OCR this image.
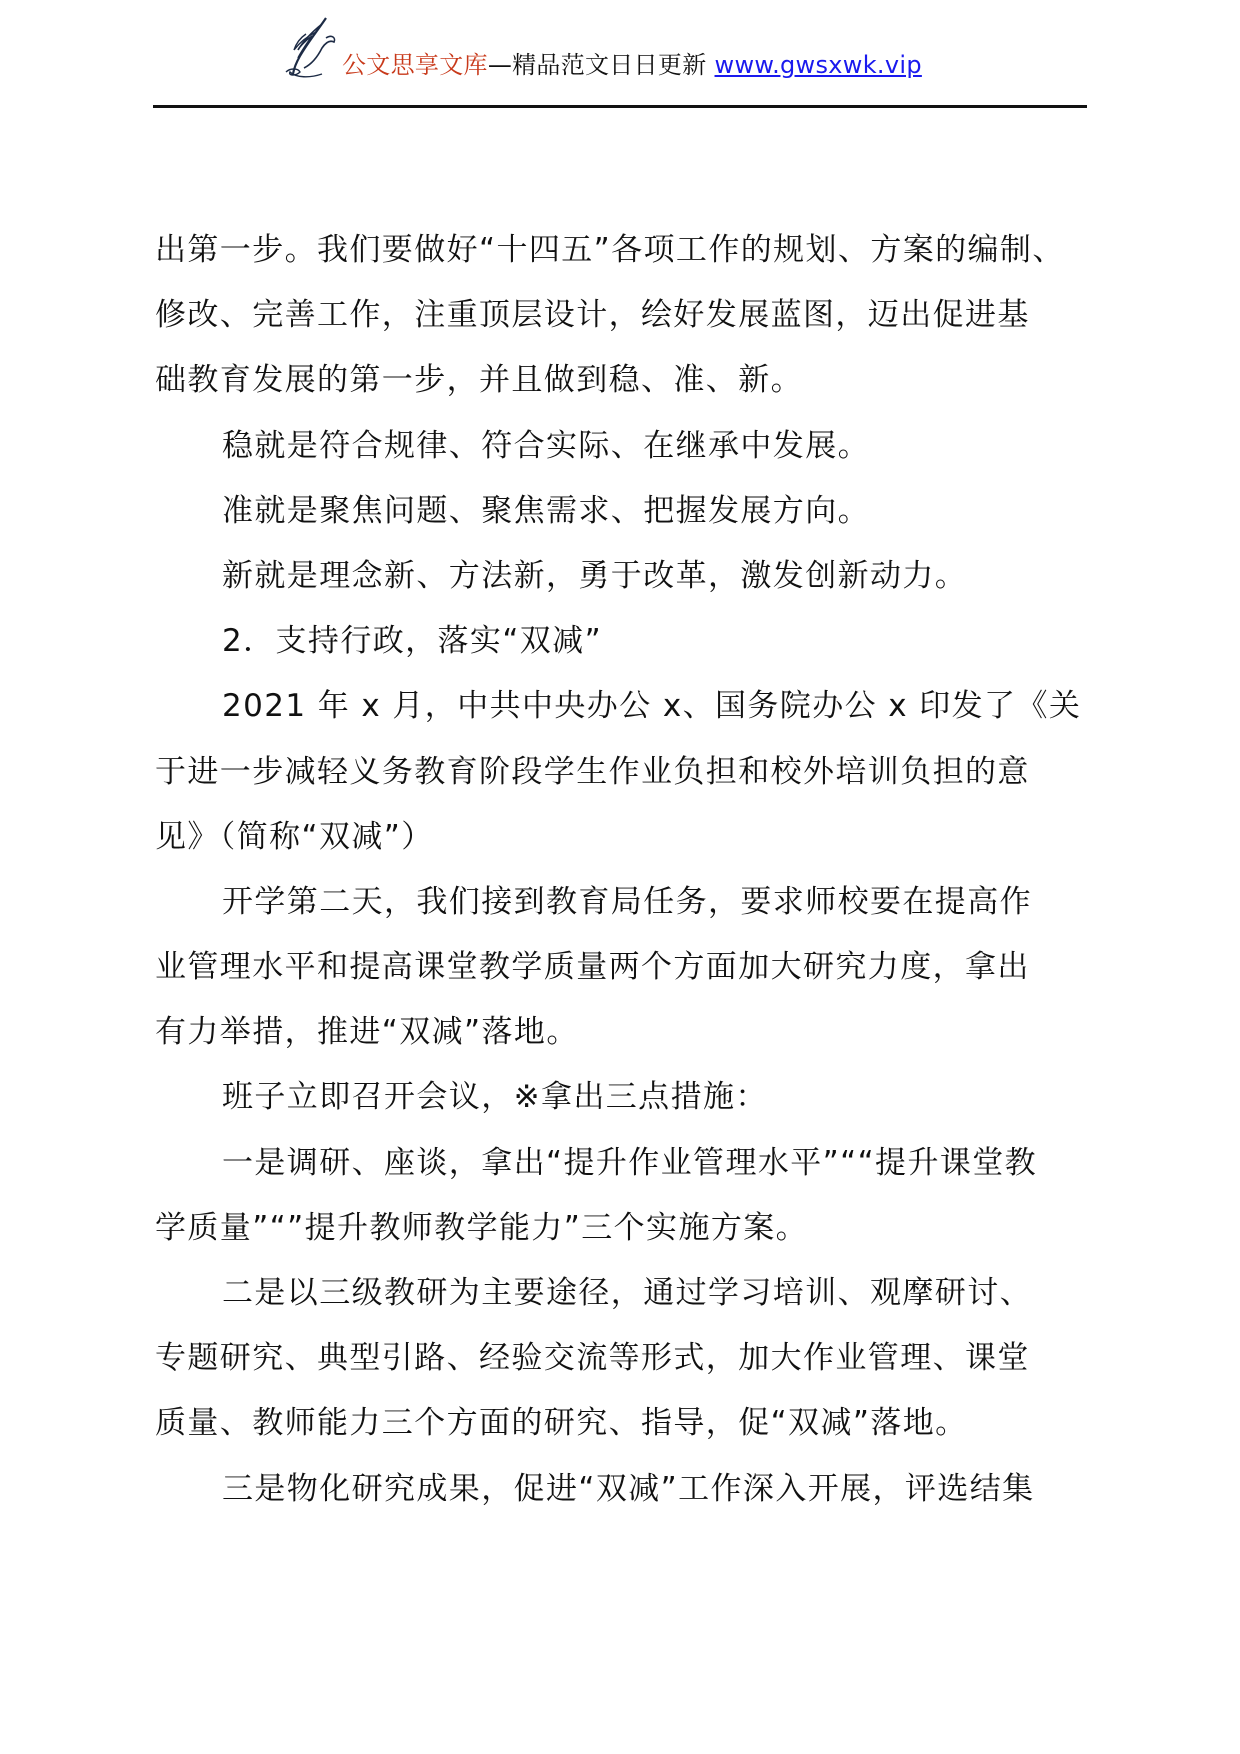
公文思享文库—精品范文日日更新 www.gwsxwk.vip
出第一步。我们要做好“十四五”各项工作的规划、方案的编制、
修改、完善工作，注重顶层设计，绘好发展蓝图，迈出促进基
础教育发展的第一步，并且做到稳、准、新。
稳就是符合规律、符合实际、在继承中发展。
准就是聚焦问题、聚焦需求、把握发展方向。
新就是理念新、方法新，勇于改革，激发创新动力。
2．支持行政，落实“双减”
2021 年 x 月，中共中央办公 x、国务院办公 x 印发了《关
于进一步减轻义务教育阶段学生作业负担和校外培训负担的意
见》（简称“双减”）
开学第二天，我们接到教育局任务，要求师校要在提高作
业管理水平和提高课堂教学质量两个方面加大研究力度，拿出
有力举措，推进“双减”落地。
班子立即召开会议，※拿出三点措施：
一是调研、座谈，拿出“提升作业管理水平”““提升课堂教
学质量”“”提升教师教学能力”三个实施方案。
二是以三级教研为主要途径，通过学习培训、观摩研讨、
专题研究、典型引路、经验交流等形式，加大作业管理、课堂
质量、教师能力三个方面的研究、指导，促“双减”落地。
三是物化研究成果，促进“双减”工作深入开展，评选结集
